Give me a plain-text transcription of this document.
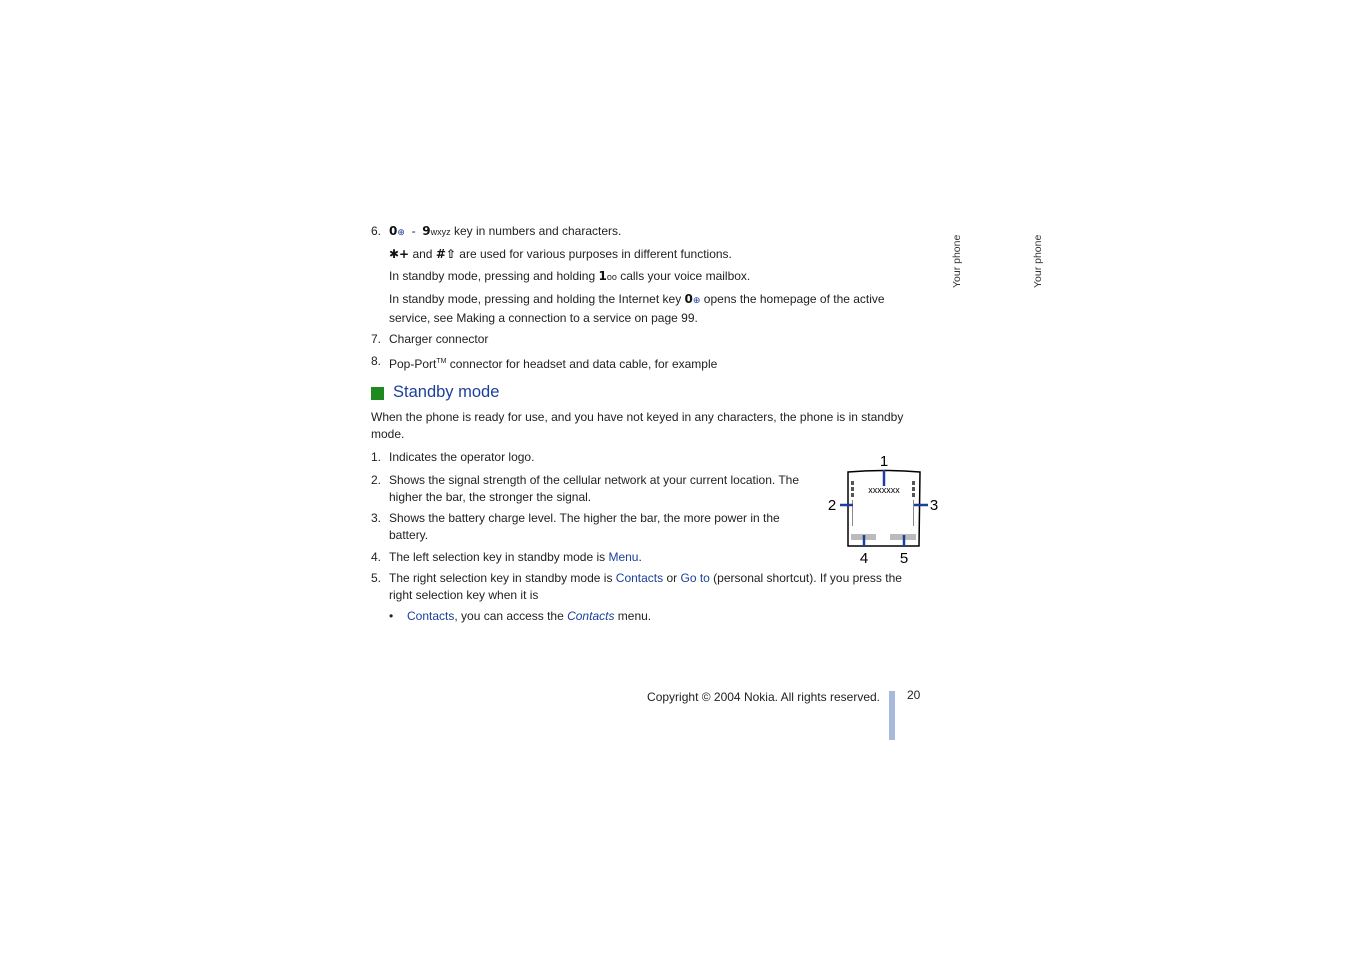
Your phone	Your phone
6. 0⊕  -  9wxyz key in numbers and characters.

✱+ and #⇧ are used for various purposes in different functions.

In standby mode, pressing and holding 1oo calls your voice mailbox.

In standby mode, pressing and holding the Internet key 0⊕ opens the homepage of the active service, see Making a connection to a service on page 99.

7. Charger connector

8. Pop-Port™ connector for headset and data cable, for example

Standby mode

When the phone is ready for use, and you have not keyed in any characters, the phone is in standby mode.

1. Indicates the operator logo.

2. Shows the signal strength of the cellular network at your current location. The higher the bar, the stronger the signal.

3. Shows the battery charge level. The higher the bar, the more power in the battery.

4. The left selection key in standby mode is Menu.

5. The right selection key in standby mode is Contacts or Go to (personal shortcut). If you press the right selection key when it is

• Contacts, you can access the Contacts menu.

xxxxxxx
1
2	3
4 5
Copyright © 2004 Nokia. All rights reserved. 20
